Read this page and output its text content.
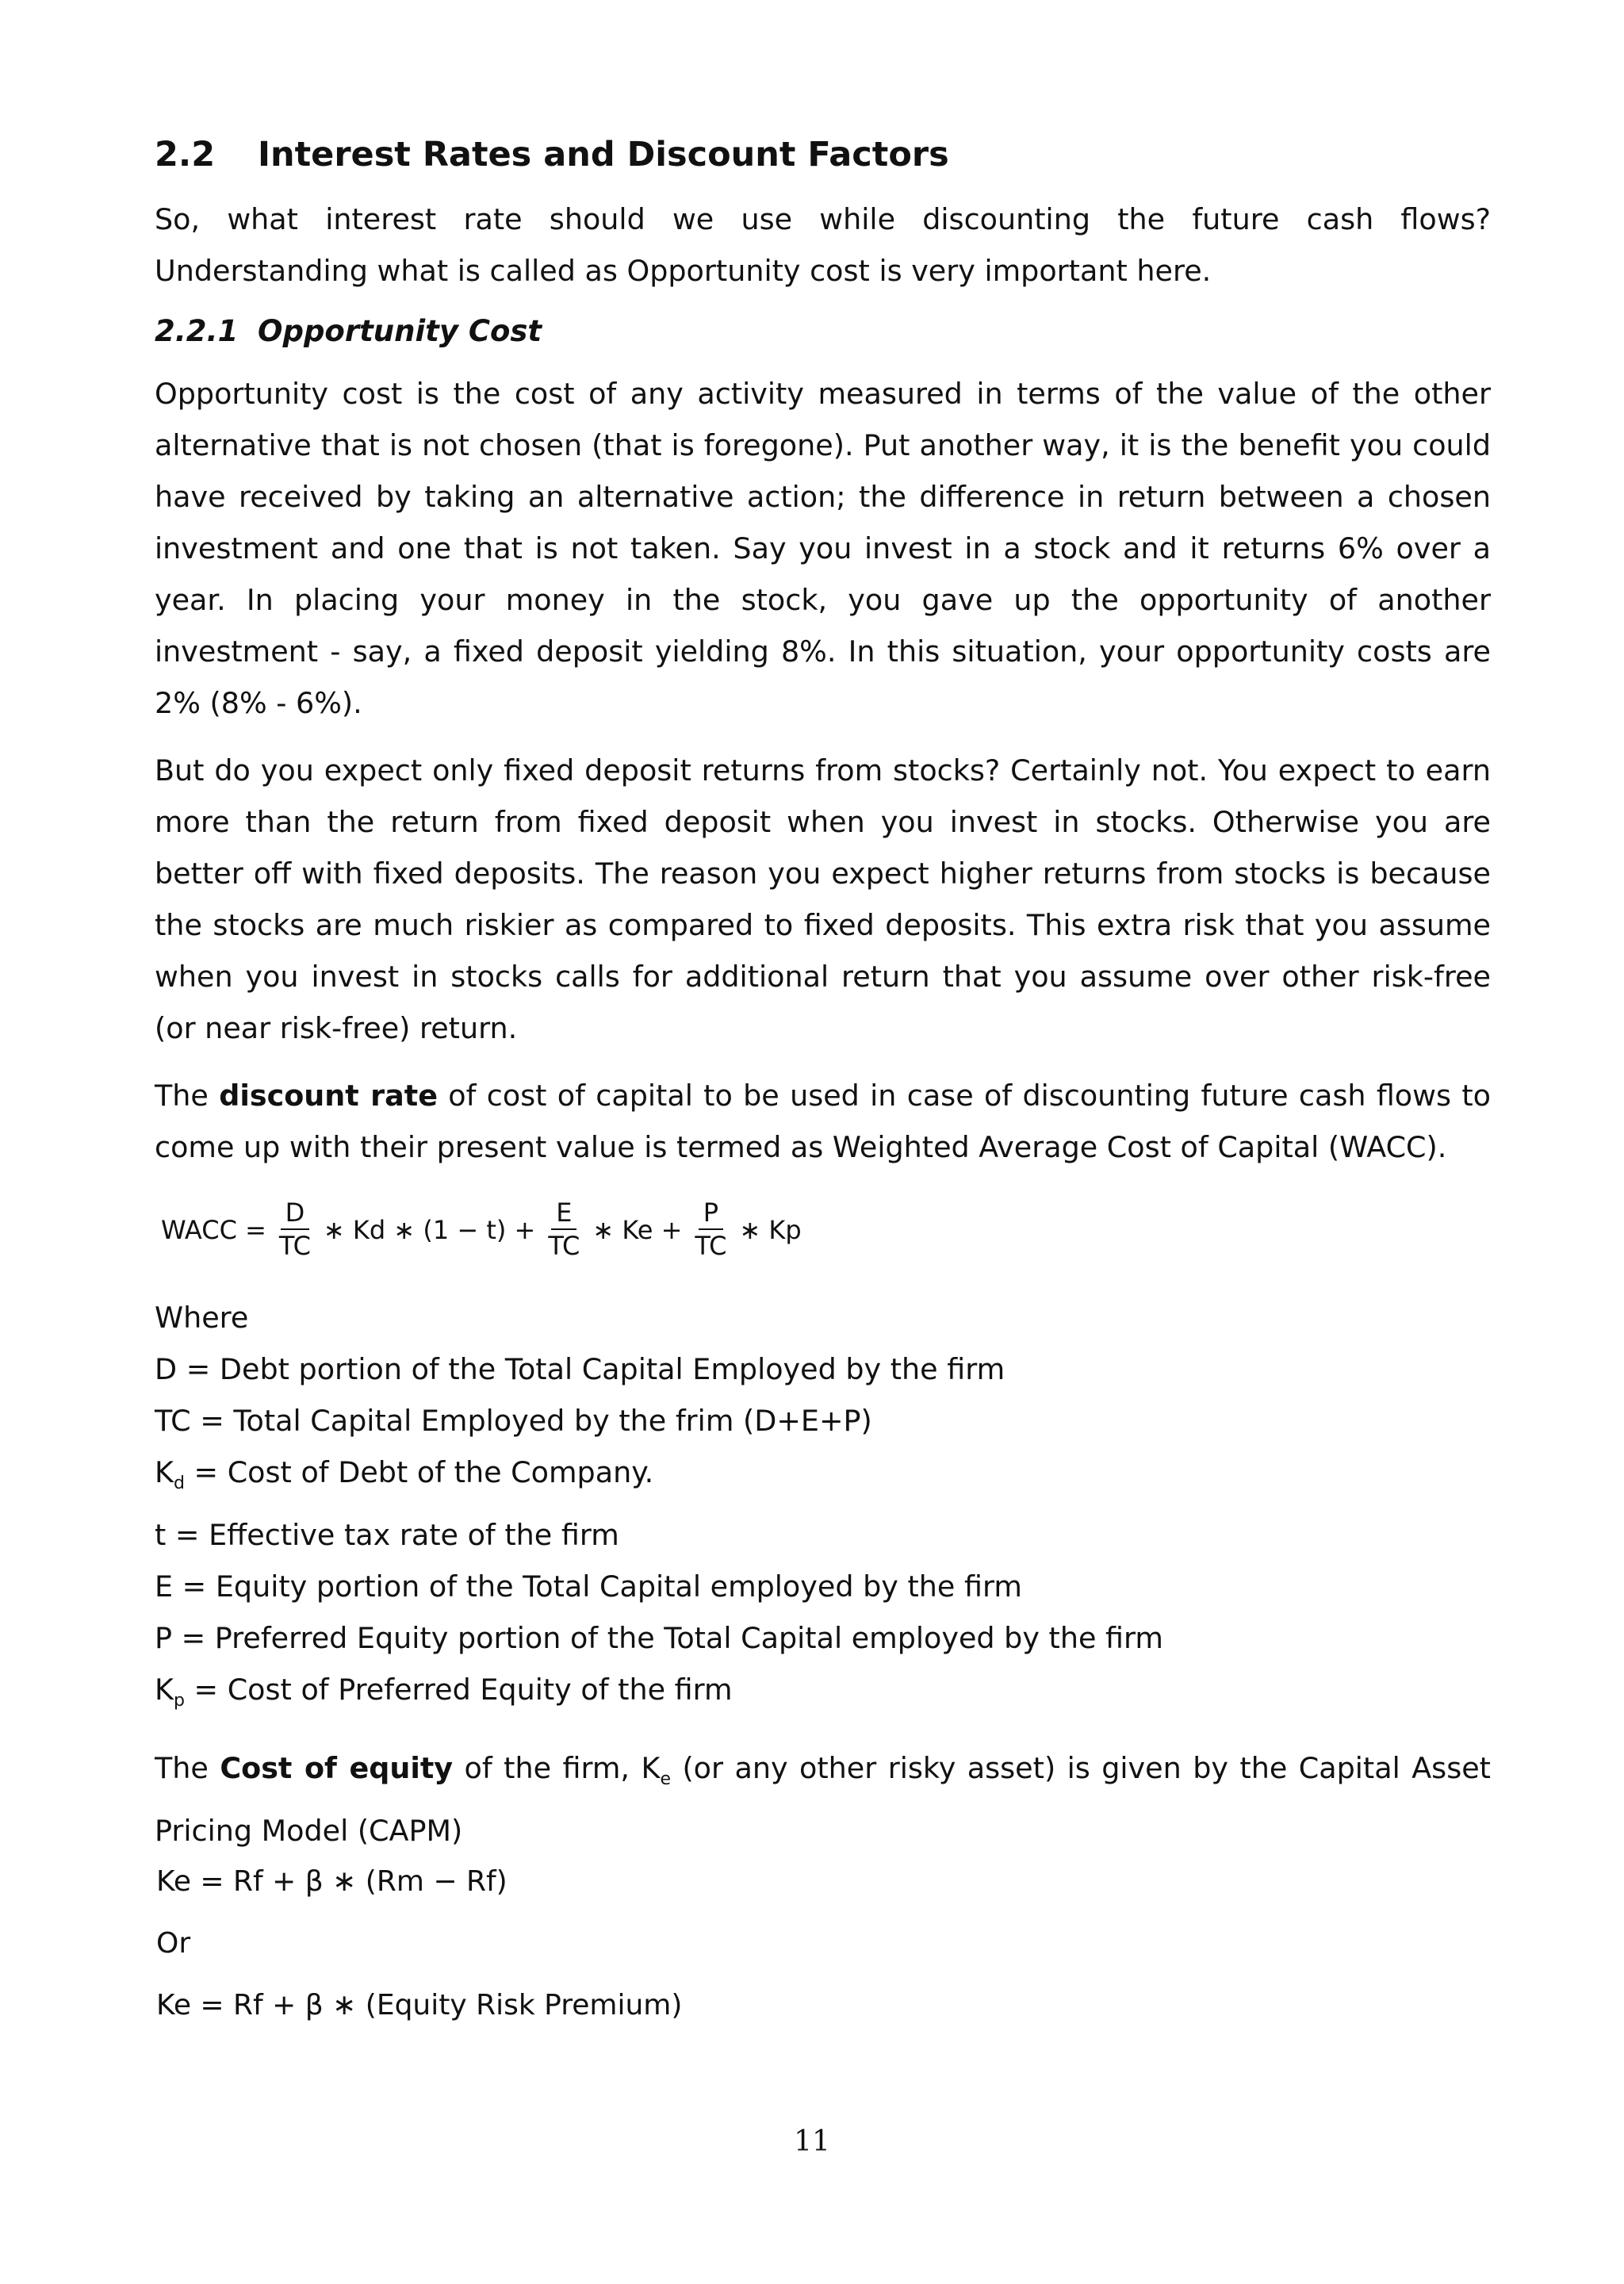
2.2 Interest Rates and Discount Factors

So, what interest rate should we use while discounting the future cash flows? Understanding what is called as Opportunity cost is very important here.

2.2.1 Opportunity Cost

Opportunity cost is the cost of any activity measured in terms of the value of the other alternative that is not chosen (that is foregone). Put another way, it is the benefit you could have received by taking an alternative action; the difference in return between a chosen investment and one that is not taken. Say you invest in a stock and it returns 6% over a year. In placing your money in the stock, you gave up the opportunity of another investment - say, a fixed deposit yielding 8%. In this situation, your opportunity costs are 2% (8% - 6%).

But do you expect only fixed deposit returns from stocks? Certainly not. You expect to earn more than the return from fixed deposit when you invest in stocks. Otherwise you are better off with fixed deposits. The reason you expect higher returns from stocks is because the stocks are much riskier as compared to fixed deposits. This extra risk that you assume when you invest in stocks calls for additional return that you assume over other risk-free (or near risk-free) return.

The discount rate of cost of capital to be used in case of discounting future cash flows to come up with their present value is termed as Weighted Average Cost of Capital (WACC).

WACC = $\frac{D}{TC}$ ∗ Kd ∗ $(1 - t) + \frac{E}{TC}$ ∗ $Ke + \frac{P}{TC}$ ∗ Kp
Where
D = Debt portion of the Total Capital Employed by the firm
TC = Total Capital Employed by the frim (D+E+P)
$K_d$ = Cost of Debt of the Company.
t = Effective tax rate of the firm
E = Equity portion of the Total Capital employed by the firm
P = Preferred Equity portion of the Total Capital employed by the firm
$K_p$ = Cost of Preferred Equity of the firm

The Cost of equity of the firm, $K_e$ (or any other risky asset) is given by the Capital Asset Pricing Model (CAPM)

Ke = Rf + β ∗ (Rm − Rf)
Or
Ke = Rf + β ∗ (Equity Risk Premium)
11
